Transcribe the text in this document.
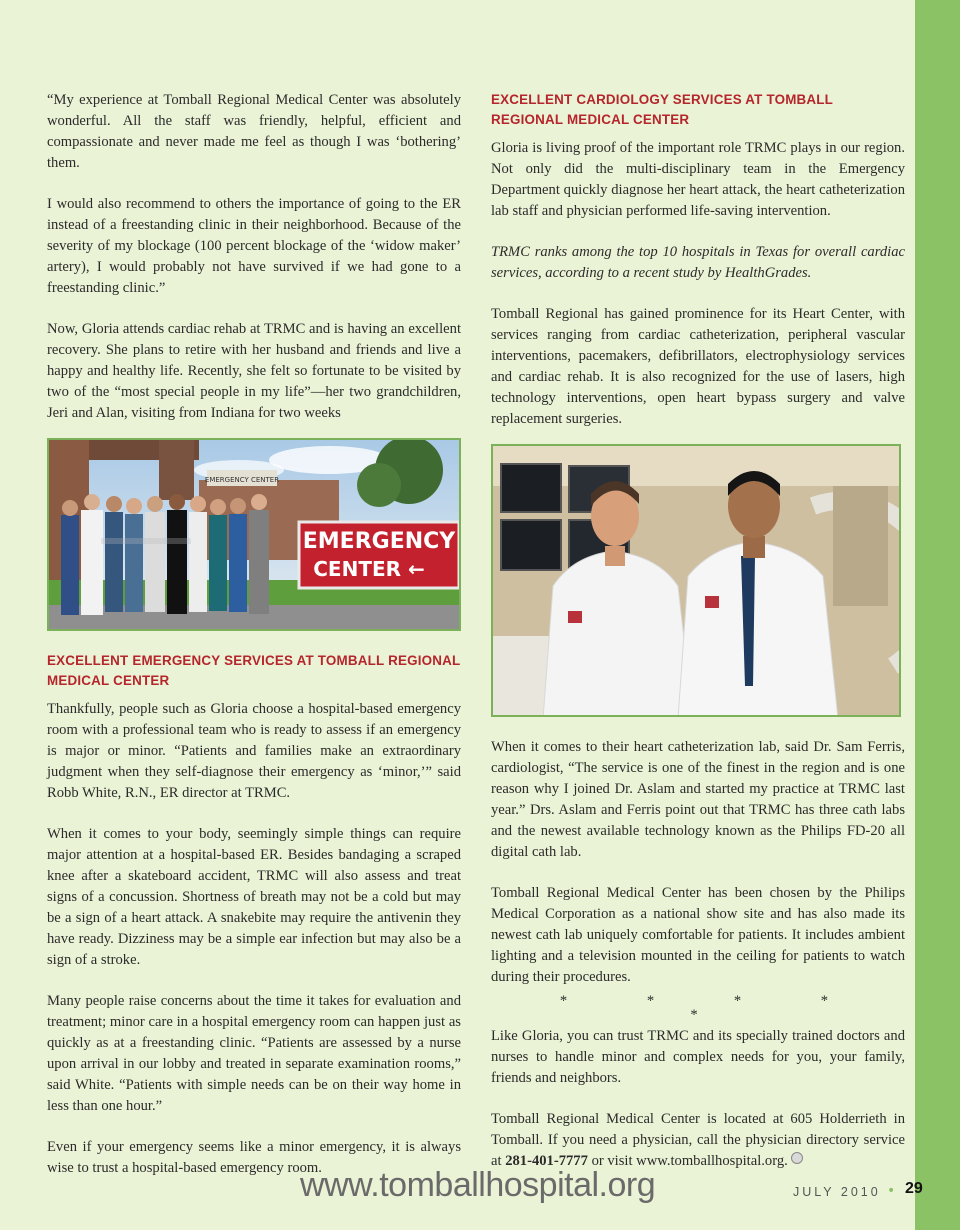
“My experience at Tomball Regional Medical Center was absolutely wonderful. All the staff was friendly, helpful, efficient and compassionate and never made me feel as though I was ‘bothering’ them.

I would also recommend to others the importance of going to the ER instead of a freestanding clinic in their neighborhood. Because of the severity of my blockage (100 percent blockage of the ‘widow maker’ artery), I would probably not have survived if we had gone to a freestanding clinic.”

Now, Gloria attends cardiac rehab at TRMC and is having an excellent recovery. She plans to retire with her husband and friends and live a happy and healthy life. Recently, she felt so fortunate to be visited by two of the “most special people in my life”—her two grandchildren, Jeri and Alan, visiting from Indiana for two weeks

EMERGENCY CENTER
EMERGENCY
CENTER ←
EXCELLENT EMERGENCY SERVICES AT TOMBALL REGIONAL MEDICAL CENTER

Thankfully, people such as Gloria choose a hospital-based emergency room with a professional team who is ready to assess if an emergency is major or minor. “Patients and families make an extraordinary judgment when they self-diagnose their emergency as ‘minor,’” said Robb White, R.N., ER director at TRMC.

When it comes to your body, seemingly simple things can require major attention at a hospital-based ER. Besides bandaging a scraped knee after a skateboard accident, TRMC will also assess and treat signs of a concussion. Shortness of breath may not be a cold but may be a sign of a heart attack. A snakebite may require the antivenin they have ready. Dizziness may be a simple ear infection but may also be a sign of a stroke.

Many people raise concerns about the time it takes for evaluation and treatment; minor care in a hospital emergency room can happen just as quickly as at a freestanding clinic. “Patients are assessed by a nurse upon arrival in our lobby and treated in separate examination rooms,” said White. “Patients with simple needs can be on their way home in less than one hour.”

Even if your emergency seems like a minor emergency, it is always wise to trust a hospital-based emergency room.

EXCELLENT CARDIOLOGY SERVICES AT TOMBALL REGIONAL MEDICAL CENTER

Gloria is living proof of the important role TRMC plays in our region. Not only did the multi-disciplinary team in the Emergency Department quickly diagnose her heart attack, the heart catheterization lab staff and physician performed life-saving intervention.

TRMC ranks among the top 10 hospitals in Texas for overall cardiac services, according to a recent study by HealthGrades.

Tomball Regional has gained prominence for its Heart Center, with services ranging from cardiac catheterization, peripheral vascular interventions, pacemakers, defibrillators, electrophysiology services and cardiac rehab. It is also recognized for the use of lasers, high technology interventions, open heart bypass surgery and valve replacement surgeries.

When it comes to their heart catheterization lab, said Dr. Sam Ferris, cardiologist, “The service is one of the finest in the region and is one reason why I joined Dr. Aslam and started my practice at TRMC last year.” Drs. Aslam and Ferris point out that TRMC has three cath labs and the newest available technology known as the Philips FD-20 all digital cath lab.

Tomball Regional Medical Center has been chosen by the Philips Medical Corporation as a national show site and has also made its newest cath lab uniquely comfortable for patients. It includes ambient lighting and a television mounted in the ceiling for patients to watch during their procedures.

* * * * *

Like Gloria, you can trust TRMC and its specially trained doctors and nurses to handle minor and complex needs for you, your family, friends and neighbors.

Tomball Regional Medical Center is located at 605 Holderrieth in Tomball. If you need a physician, call the physician directory service at 281-401-7777 or visit www.tomballhospital.org.

www.tomballhospital.org	JULY 2010 • 29
